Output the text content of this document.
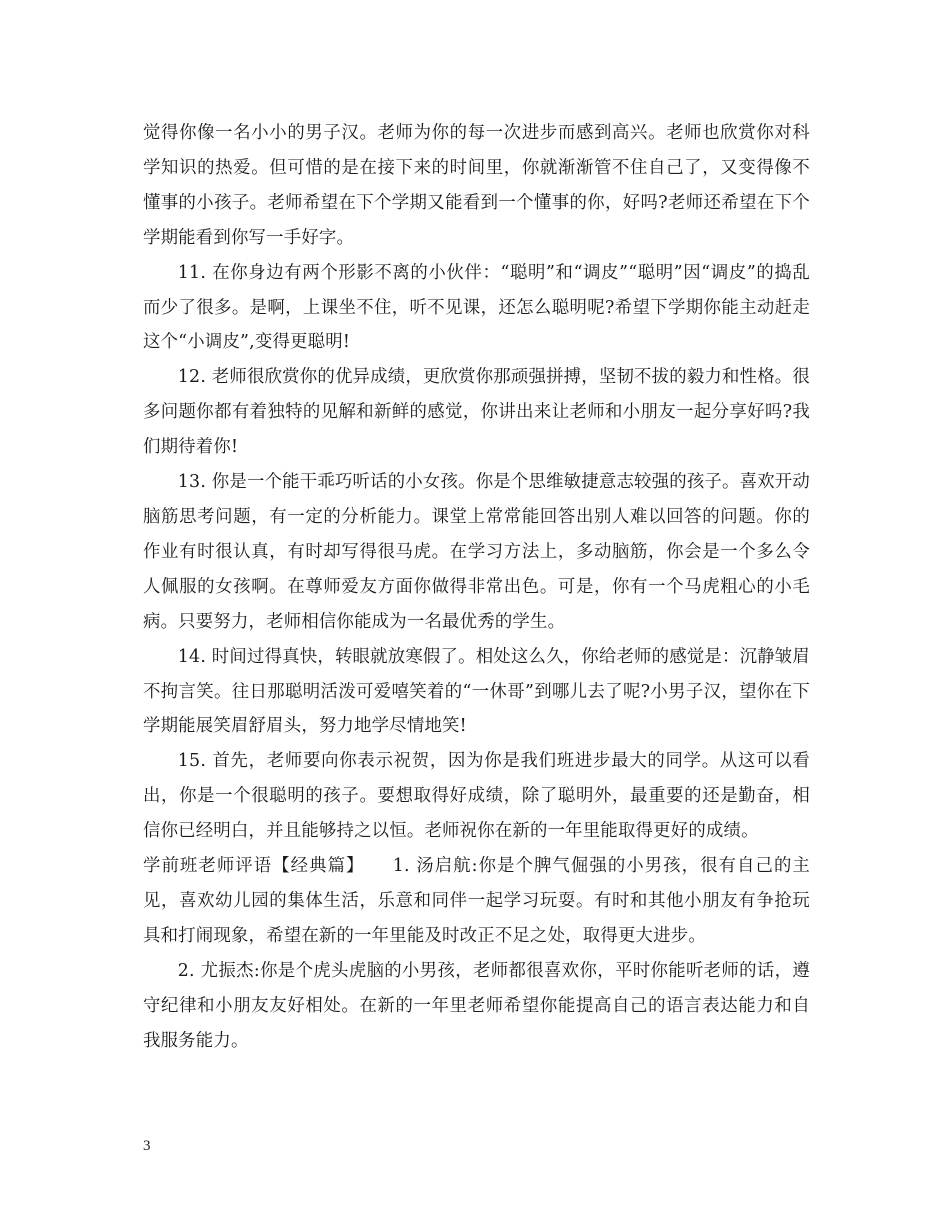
觉得你像一名小小的男子汉。老师为你的每一次进步而感到高兴。老师也欣赏你对科学知识的热爱。但可惜的是在接下来的时间里，你就渐渐管不住自己了，又变得像不懂事的小孩子。老师希望在下个学期又能看到一个懂事的你，好吗?老师还希望在下个学期能看到你写一手好字。

11. 在你身边有两个形影不离的小伙伴：“聪明”和“调皮”“聪明”因“调皮”的捣乱而少了很多。是啊，上课坐不住，听不见课，还怎么聪明呢?希望下学期你能主动赶走这个“小调皮”,变得更聪明!

12. 老师很欣赏你的优异成绩，更欣赏你那顽强拼搏，坚韧不拔的毅力和性格。很多问题你都有着独特的见解和新鲜的感觉，你讲出来让老师和小朋友一起分享好吗?我们期待着你!

13. 你是一个能干乖巧听话的小女孩。你是个思维敏捷意志较强的孩子。喜欢开动脑筋思考问题，有一定的分析能力。课堂上常常能回答出别人难以回答的问题。你的作业有时很认真，有时却写得很马虎。在学习方法上，多动脑筋，你会是一个多么令人佩服的女孩啊。在尊师爱友方面你做得非常出色。可是，你有一个马虎粗心的小毛病。只要努力，老师相信你能成为一名最优秀的学生。

14. 时间过得真快，转眼就放寒假了。相处这么久，你给老师的感觉是：沉静皱眉不拘言笑。往日那聪明活泼可爱嘻笑着的“一休哥”到哪儿去了呢?小男子汉，望你在下学期能展笑眉舒眉头，努力地学尽情地笑!

15. 首先，老师要向你表示祝贺，因为你是我们班进步最大的同学。从这可以看出，你是一个很聪明的孩子。要想取得好成绩，除了聪明外，最重要的还是勤奋，相信你已经明白，并且能够持之以恒。老师祝你在新的一年里能取得更好的成绩。

学前班老师评语【经典篇】　　1. 汤启航:你是个脾气倔强的小男孩，很有自己的主见，喜欢幼儿园的集体生活，乐意和同伴一起学习玩耍。有时和其他小朋友有争抢玩具和打闹现象，希望在新的一年里能及时改正不足之处，取得更大进步。

2. 尤振杰:你是个虎头虎脑的小男孩，老师都很喜欢你，平时你能听老师的话，遵守纪律和小朋友友好相处。在新的一年里老师希望你能提高自己的语言表达能力和自我服务能力。

3
